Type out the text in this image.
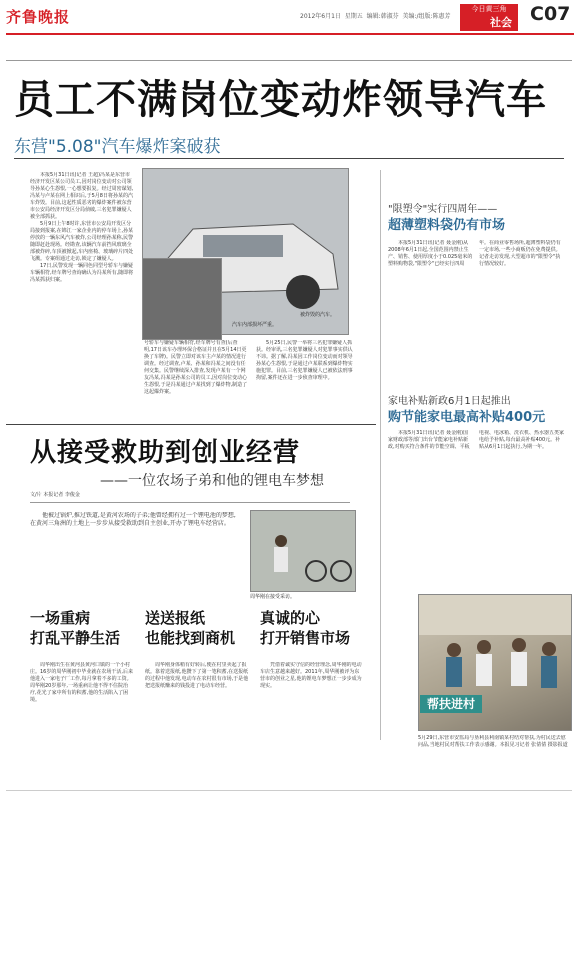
齐鲁晚报	2012年6月1日 星期五 编辑:韩淑芬 美编:/组版:陈惠芳
今日黄三角
社会 C07
员工不满岗位变动炸领导汽车
东营"5.08"汽车爆炸案破获
本报5月31日讯(记者 王超)冯某是东营市经济开发区某公司员工,因对岗位变动对公司领导孙某心生怨恨,一心想要报复。经过周密谋划,冯某与卢某在网上相识后,于5月8日将孙某的汽车炸毁。目前,这起性质恶劣的爆炸案件被东营市公安局经济开发区分局侦破,三名犯罪嫌疑人被全部抓获。
5月9日上午8时许,东营市公安局开发区分局接到报案,在锦江一家企业内的停车场上,孙某停放的一辆东风汽车被炸,公司经理孙某称,民警随即赶赴现场。经勘查,该辆汽车前挡风玻璃全部被炸碎,车顶被掀起,车内座椅、玻璃碎片四处飞溅。专案组通过走访,锁定了嫌疑人。
17日,民警发现一辆同色同型号轿车与嫌疑车辆相符,经车牌号查询确认为冯某所有,随即将冯某抓获归案。
汽车内部损坏严重。
被炸毁的汽车。
号轿车与嫌疑车辆相符,经车牌号有查(后查明,17日该车办理环保合格证并且在5月14日更换了车牌)。民警立即对该车主卢某的情况进行调查。经过调查,卢某、孙某和冯某之间没有任何交集。民警继续深入排查,发现卢某有一个网友冯某,冯某是孙某公司的员工,因对岗位变动心生怨恨,于是冯某通过卢某找到了爆炸物,制造了这起爆炸案。
5月25日,民警一举将三名犯罪嫌疑人抓获。经审讯,三名犯罪嫌疑人对犯罪事实供认不讳。据了解,冯某因工作岗位变动而对领导孙某心生怨恨,于是通过卢某联系到爆炸物实施犯罪。目前,三名犯罪嫌疑人已被依法刑事拘留,案件还在进一步侦查审理中。
"限塑令"实行四周年——
超薄塑料袋仍有市场
本报5月31日讯(记者 聂金刚)从2008年6月1日起,全国范围内禁止生产、销售、使用厚度小于0.025毫米的塑料购物袋,"限塑令"已经实行四周年。在商业零售场所,超薄塑料袋仍有一定市场,一些小商贩仍在免费提供。记者走访发现,大型超市的"限塑令"执行情况较好。
家电补贴新政6月1日起推出
购节能家电最高补贴400元
本报5月31日讯(记者 聂金刚)国家财政部等部门出台节能家电补贴新政,对购买符合条件的节能空调、平板电视、电冰箱、洗衣机、热水器五类家电给予补贴,每台最高补贴400元。补贴从6月1日起执行,为期一年。
帮扶进村
5月29日,东营市安监局与垦利县利南镇某村结对帮扶,为村民送去慰问品,当地村民对帮扶工作表示感谢。本报见习记者 张倩倩 摄影报道
从接受救助到创业经营
——一位农场子弟和他的锂电车梦想
文/片 本报记者 李俊金
他被过锅炉,推过铁道,是黄河农场的子弟;他曾经拥有过一个锂电池的梦想,在黄河三角洲的土地上一步步从接受救助到自主创业,开办了锂电车经营店。
周华刚在接受采访。
一场重病
打乱平静生活
送送报纸
也能找到商机
真诚的心
打开销售市场
周华刚出生在黄河县黄河口镇的一个小村庄。16岁的周华刚初中毕业就在农场干活,后来他进入一家电子厂工作,每月拿着不多的工资。周华刚20岁那年,一场重病让他不得不住院治疗,花光了家中所有的积蓄,他的生活陷入了困境。
周华刚身体稍有好转后,便在村里卖起了报纸。靠着送报纸,他攒下了第一笔积蓄,在送报纸的过程中他发现,电动车在农村很有市场,于是他把送报纸赚来的钱投进了电动车经营。
凭借着诚实守信的经营理念,周华刚的电动车店生意越来越好。2011年,周华刚被评为东营市的创业之星,他的锂电车梦想正一步步成为现实。
